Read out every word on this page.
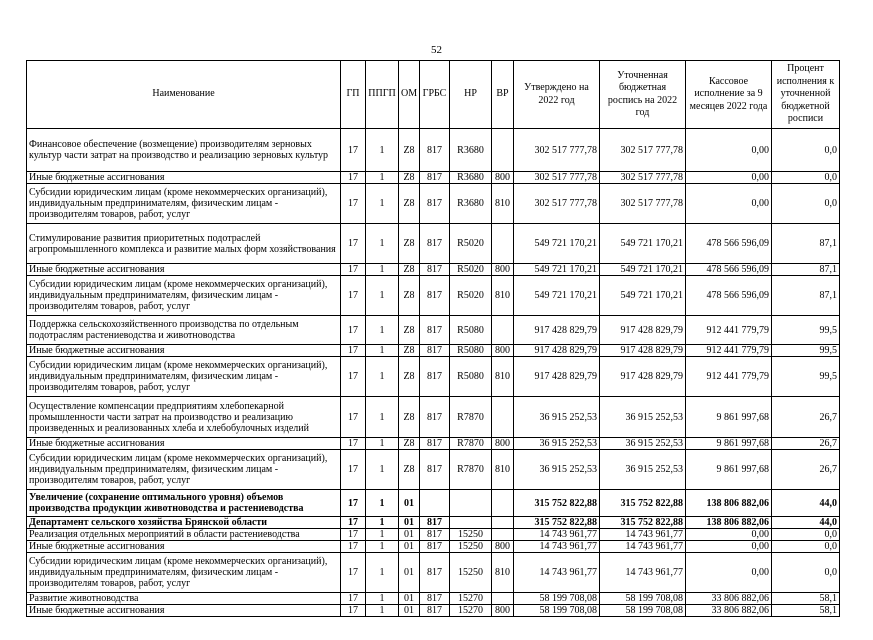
52
Наименование	ГП	ППГП	ОМ	ГРБС	НР	ВР	Утверждено на 2022 год	Уточненная бюджетная роспись на 2022 год	Кассовое исполнение за 9 месяцев 2022 года	Процент исполнения к уточненной бюджетной росписи
Финансовое обеспечение (возмещение) производителям зерновых культур части затрат на производство и реализацию зерновых культур	17	1	Z8	817	R3680		302 517 777,78	302 517 777,78	0,00	0,0
Иные бюджетные ассигнования	17	1	Z8	817	R3680	800	302 517 777,78	302 517 777,78	0,00	0,0
Субсидии юридическим лицам (кроме некоммерческих организаций), индивидуальным предпринимателям, физическим лицам - производителям товаров, работ, услуг	17	1	Z8	817	R3680	810	302 517 777,78	302 517 777,78	0,00	0,0
Стимулирование развития приоритетных подотраслей агропромышленного комплекса и развитие малых форм хозяйствования	17	1	Z8	817	R5020		549 721 170,21	549 721 170,21	478 566 596,09	87,1
Иные бюджетные ассигнования	17	1	Z8	817	R5020	800	549 721 170,21	549 721 170,21	478 566 596,09	87,1
Субсидии юридическим лицам (кроме некоммерческих организаций), индивидуальным предпринимателям, физическим лицам - производителям товаров, работ, услуг	17	1	Z8	817	R5020	810	549 721 170,21	549 721 170,21	478 566 596,09	87,1
Поддержка сельскохозяйственного производства по отдельным подотраслям растениеводства и животноводства	17	1	Z8	817	R5080		917 428 829,79	917 428 829,79	912 441 779,79	99,5
Иные бюджетные ассигнования	17	1	Z8	817	R5080	800	917 428 829,79	917 428 829,79	912 441 779,79	99,5
Субсидии юридическим лицам (кроме некоммерческих организаций), индивидуальным предпринимателям, физическим лицам - производителям товаров, работ, услуг	17	1	Z8	817	R5080	810	917 428 829,79	917 428 829,79	912 441 779,79	99,5
Осуществление компенсации предприятиям хлебопекарной промышленности части затрат на производство и реализацию произведенных и реализованных хлеба и хлебобулочных изделий	17	1	Z8	817	R7870		36 915 252,53	36 915 252,53	9 861 997,68	26,7
Иные бюджетные ассигнования	17	1	Z8	817	R7870	800	36 915 252,53	36 915 252,53	9 861 997,68	26,7
Субсидии юридическим лицам (кроме некоммерческих организаций), индивидуальным предпринимателям, физическим лицам - производителям товаров, работ, услуг	17	1	Z8	817	R7870	810	36 915 252,53	36 915 252,53	9 861 997,68	26,7
Увеличение (сохранение оптимального уровня) объемов производства продукции животноводства и растениеводства	17	1	01				315 752 822,88	315 752 822,88	138 806 882,06	44,0
Департамент сельского хозяйства Брянской области	17	1	01	817			315 752 822,88	315 752 822,88	138 806 882,06	44,0
Реализация отдельных мероприятий в области растениеводства	17	1	01	817	15250		14 743 961,77	14 743 961,77	0,00	0,0
Иные бюджетные ассигнования	17	1	01	817	15250	800	14 743 961,77	14 743 961,77	0,00	0,0
Субсидии юридическим лицам (кроме некоммерческих организаций), индивидуальным предпринимателям, физическим лицам - производителям товаров, работ, услуг	17	1	01	817	15250	810	14 743 961,77	14 743 961,77	0,00	0,0
Развитие животноводства	17	1	01	817	15270		58 199 708,08	58 199 708,08	33 806 882,06	58,1
Иные бюджетные ассигнования	17	1	01	817	15270	800	58 199 708,08	58 199 708,08	33 806 882,06	58,1
